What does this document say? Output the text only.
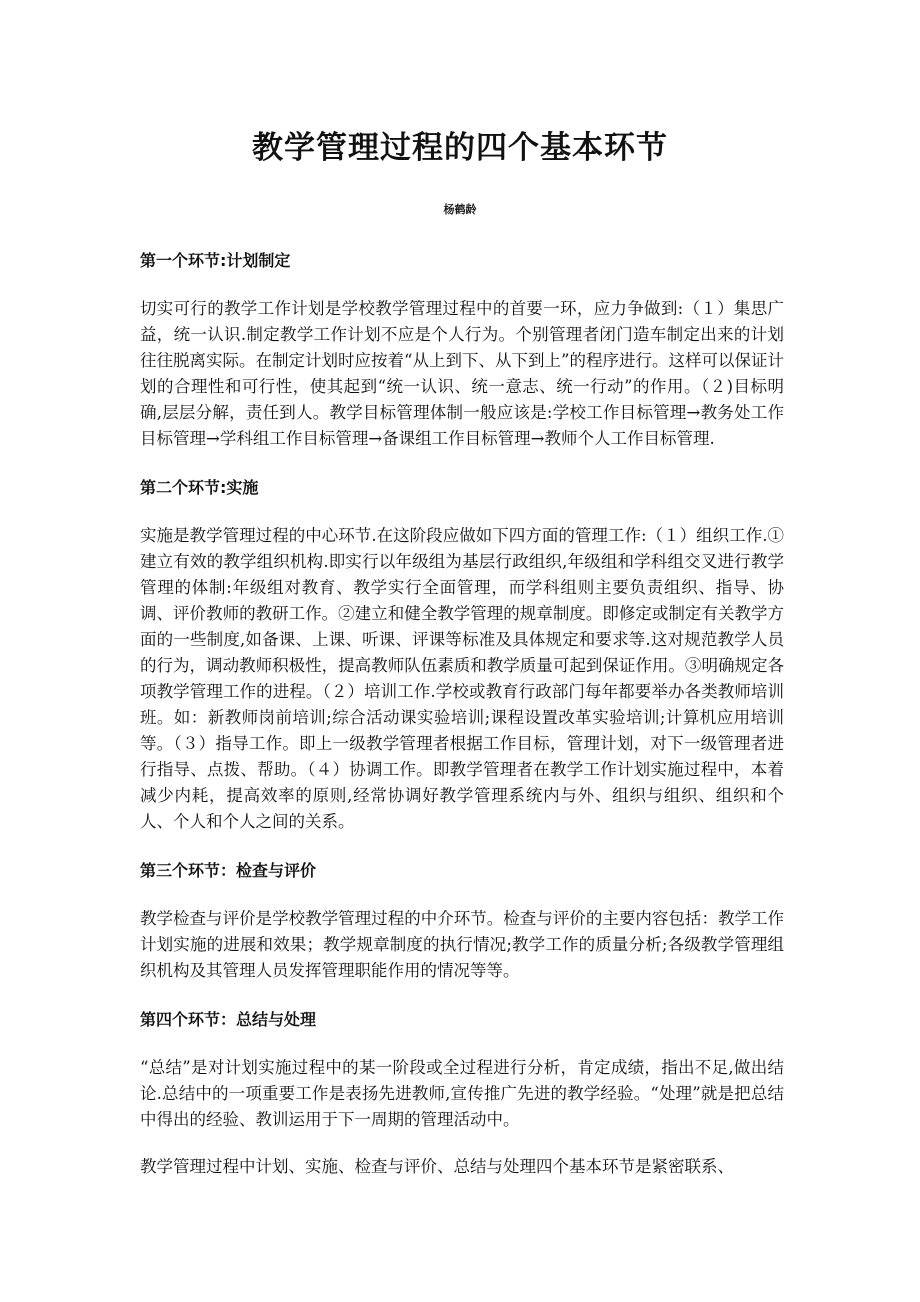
教学管理过程的四个基本环节
杨鹤龄
第一个环节:计划制定

切实可行的教学工作计划是学校教学管理过程中的首要一环，应力争做到:（１）集思广益，统一认识.制定教学工作计划不应是个人行为。个别管理者闭门造车制定出来的计划往往脱离实际。在制定计划时应按着“从上到下、从下到上”的程序进行。这样可以保证计划的合理性和可行性，使其起到“统一认识、统一意志、统一行动”的作用。（２)目标明确,层层分解，责任到人。教学目标管理体制一般应该是:学校工作目标管理→教务处工作目标管理→学科组工作目标管理→备课组工作目标管理→教师个人工作目标管理.

第二个环节:实施

实施是教学管理过程的中心环节.在这阶段应做如下四方面的管理工作:（１）组织工作.①建立有效的教学组织机构.即实行以年级组为基层行政组织,年级组和学科组交叉进行教学管理的体制:年级组对教育、教学实行全面管理，而学科组则主要负责组织、指导、协调、评价教师的教研工作。②建立和健全教学管理的规章制度。即修定或制定有关教学方面的一些制度,如备课、上课、听课、评课等标准及具体规定和要求等.这对规范教学人员的行为，调动教师积极性，提高教师队伍素质和教学质量可起到保证作用。③明确规定各项教学管理工作的进程。（２）培训工作.学校或教育行政部门每年都要举办各类教师培训班。如：新教师岗前培训;综合活动课实验培训;课程设置改革实验培训;计算机应用培训等。（３）指导工作。即上一级教学管理者根据工作目标，管理计划，对下一级管理者进行指导、点拨、帮助。（４）协调工作。即教学管理者在教学工作计划实施过程中，本着减少内耗，提高效率的原则,经常协调好教学管理系统内与外、组织与组织、组织和个人、个人和个人之间的关系。

第三个环节：检查与评价

教学检查与评价是学校教学管理过程的中介环节。检查与评价的主要内容包括：教学工作计划实施的进展和效果；教学规章制度的执行情况;教学工作的质量分析;各级教学管理组织机构及其管理人员发挥管理职能作用的情况等等。

第四个环节：总结与处理

“总结”是对计划实施过程中的某一阶段或全过程进行分析，肯定成绩，指出不足,做出结论.总结中的一项重要工作是表扬先进教师,宣传推广先进的教学经验。“处理”就是把总结中得出的经验、教训运用于下一周期的管理活动中。

教学管理过程中计划、实施、检查与评价、总结与处理四个基本环节是紧密联系、
